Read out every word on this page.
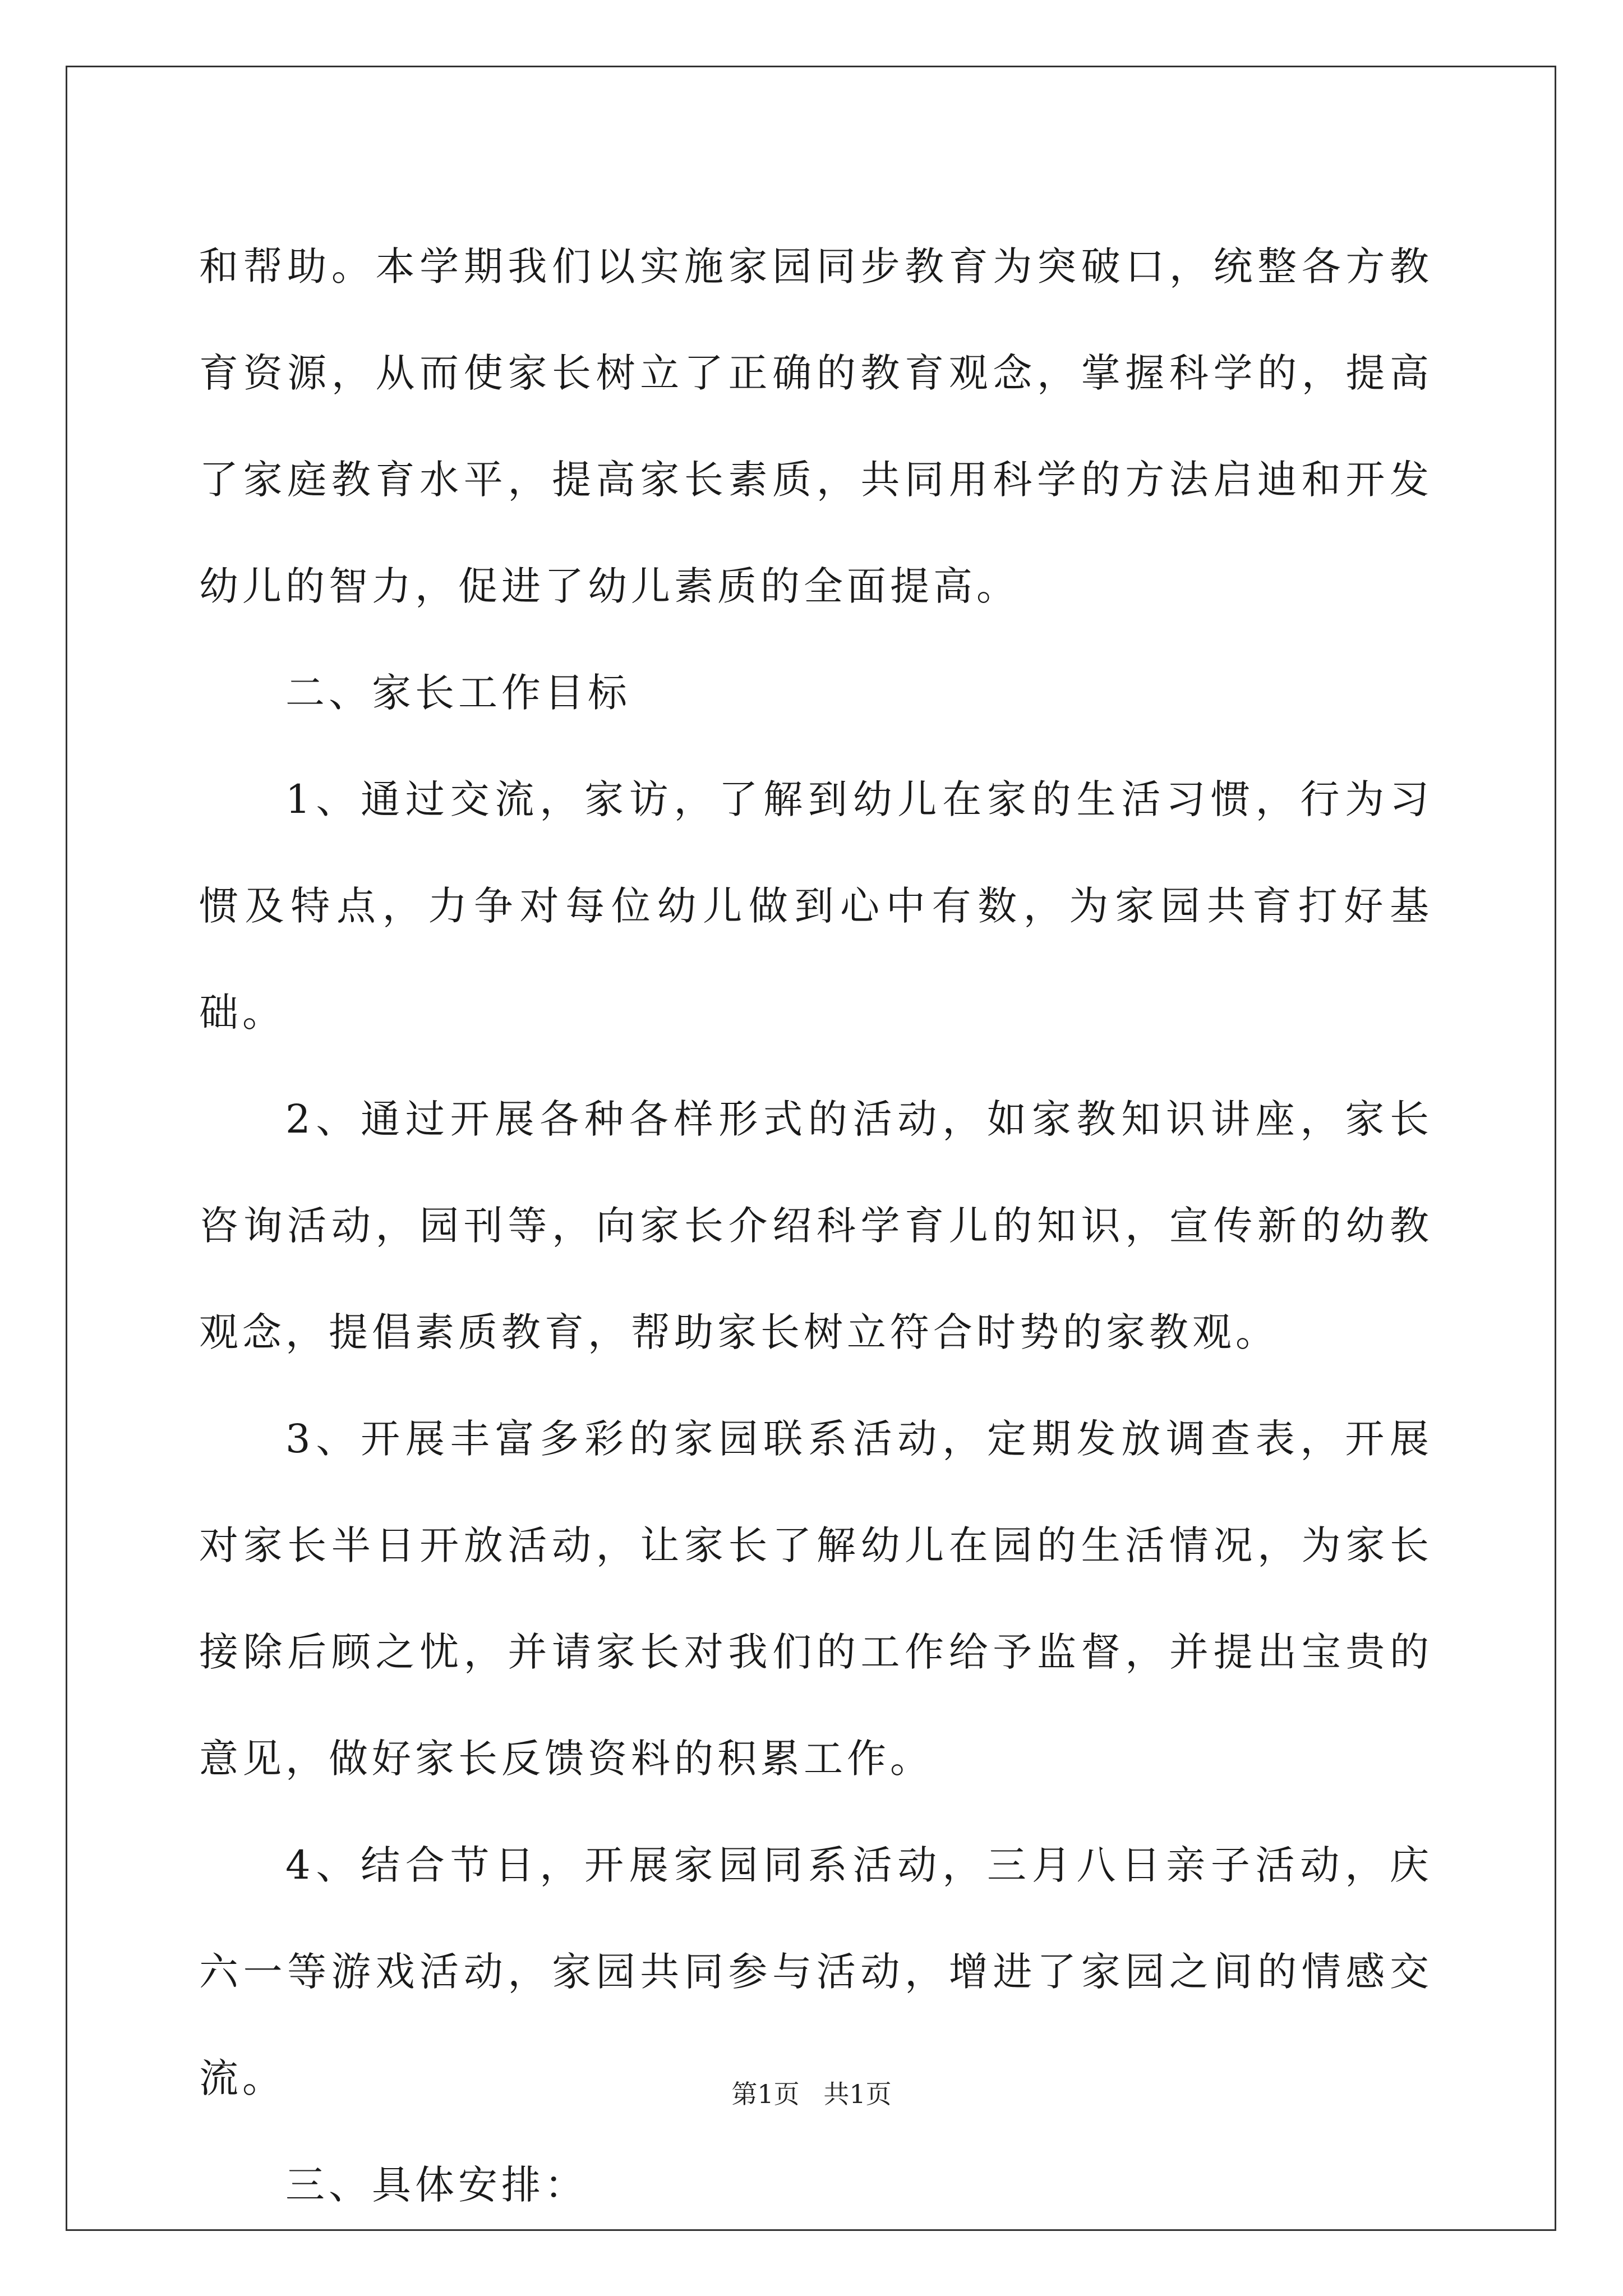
和帮助。本学期我们以实施家园同步教育为突破口，统整各方教育资源，从而使家长树立了正确的教育观念，掌握科学的，提高了家庭教育水平，提高家长素质，共同用科学的方法启迪和开发幼儿的智力，促进了幼儿素质的全面提高。

二、家长工作目标

1、通过交流，家访，了解到幼儿在家的生活习惯，行为习惯及特点，力争对每位幼儿做到心中有数，为家园共育打好基础。

2、通过开展各种各样形式的活动，如家教知识讲座，家长咨询活动，园刊等，向家长介绍科学育儿的知识，宣传新的幼教观念，提倡素质教育，帮助家长树立符合时势的家教观。

3、开展丰富多彩的家园联系活动，定期发放调查表，开展对家长半日开放活动，让家长了解幼儿在园的生活情况，为家长接除后顾之忧，并请家长对我们的工作给予监督，并提出宝贵的意见，做好家长反馈资料的积累工作。

4、结合节日，开展家园同系活动，三月八日亲子活动，庆六一等游戏活动，家园共同参与活动，增进了家园之间的情感交流。

三、具体安排：

第1页 共1页
